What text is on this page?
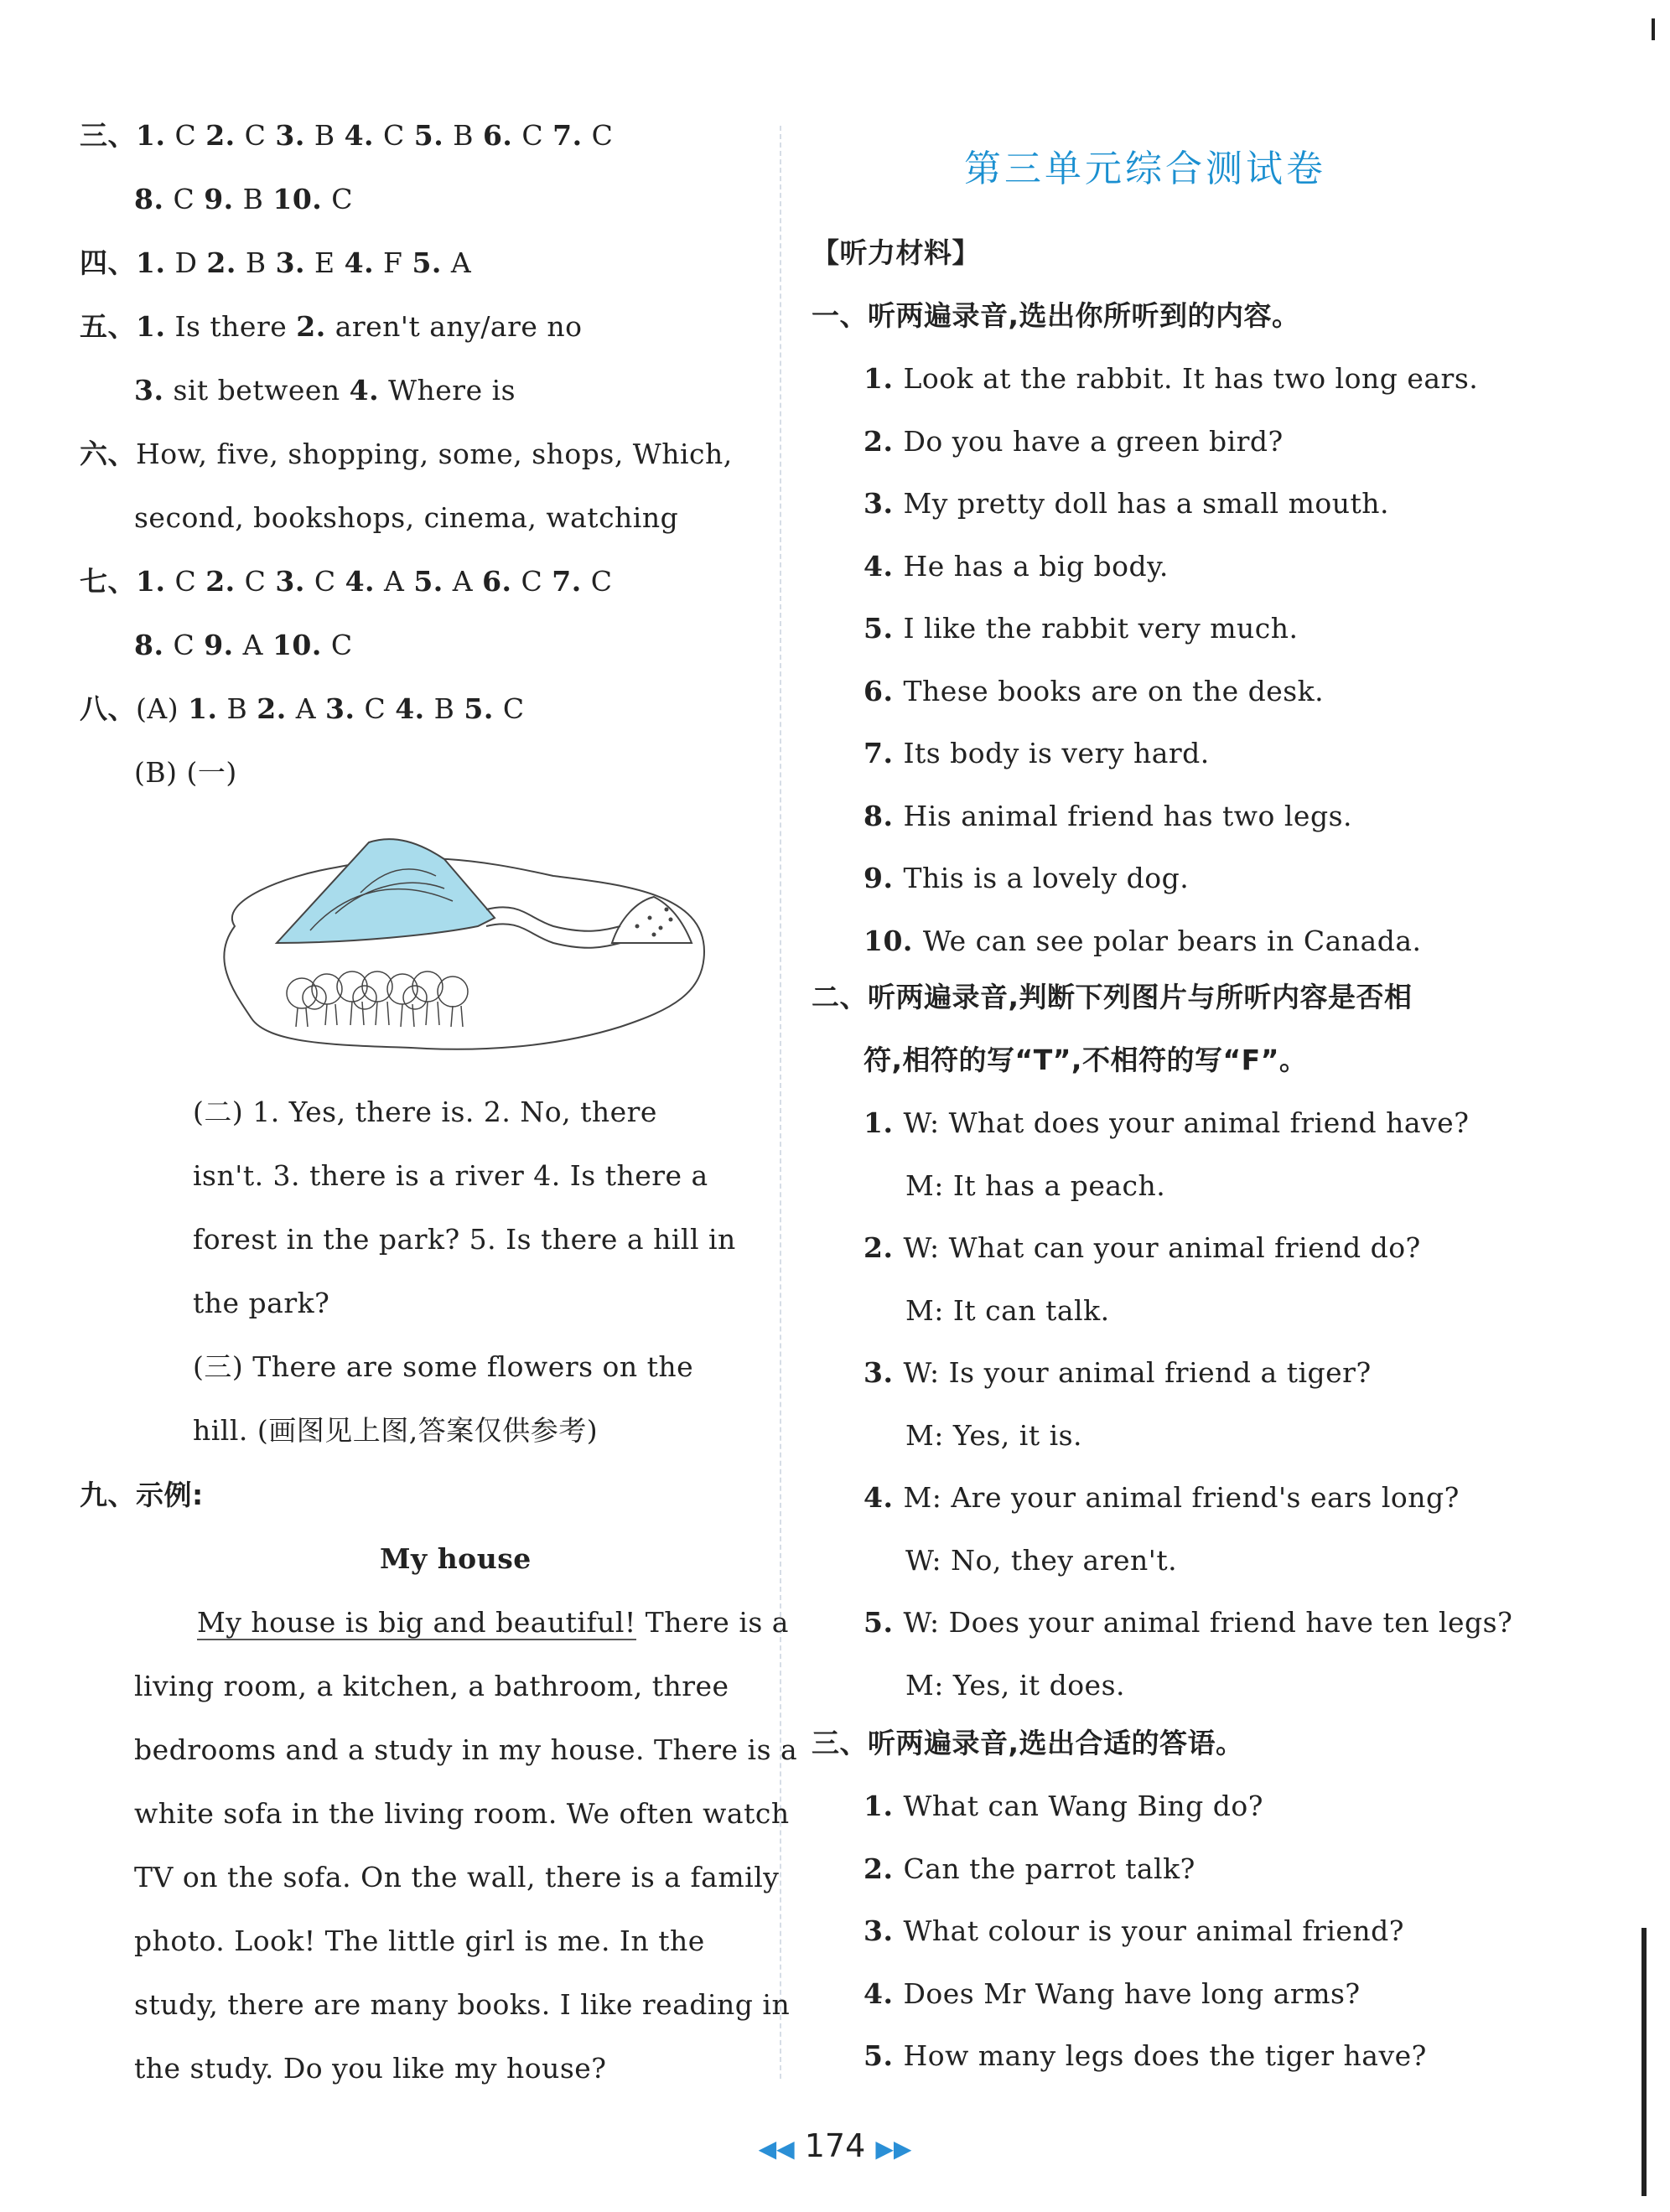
三、1. C 2. C 3. B 4. C 5. B 6. C 7. C
8. C 9. B 10. C
四、1. D 2. B 3. E 4. F 5. A
五、1. Is there 2. aren't any/are no
3. sit between 4. Where is
六、How, five, shopping, some, shops, Which,
second, bookshops, cinema, watching
七、1. C 2. C 3. C 4. A 5. A 6. C 7. C
8. C 9. A 10. C
八、(A) 1. B 2. A 3. C 4. B 5. C
(B) (一)
(二) 1. Yes, there is. 2. No, there
isn't. 3. there is a river 4. Is there a
forest in the park? 5. Is there a hill in
the park?
(三) There are some flowers on the
hill. (画图见上图,答案仅供参考)
九、示例:
My house
My house is big and beautiful! There is a
living room, a kitchen, a bathroom, three
bedrooms and a study in my house. There is a
white sofa in the living room. We often watch
TV on the sofa. On the wall, there is a family
photo. Look! The little girl is me. In the
study, there are many books. I like reading in
the study. Do you like my house?
第三单元综合测试卷
【听力材料】
一、听两遍录音,选出你所听到的内容。
1. Look at the rabbit. It has two long ears.
2. Do you have a green bird?
3. My pretty doll has a small mouth.
4. He has a big body.
5. I like the rabbit very much.
6. These books are on the desk.
7. Its body is very hard.
8. His animal friend has two legs.
9. This is a lovely dog.
10. We can see polar bears in Canada.
二、听两遍录音,判断下列图片与所听内容是否相
符,相符的写“T”,不相符的写“F”。
1. W: What does your animal friend have?
M: It has a peach.
2. W: What can your animal friend do?
M: It can talk.
3. W: Is your animal friend a tiger?
M: Yes, it is.
4. M: Are your animal friend's ears long?
W: No, they aren't.
5. W: Does your animal friend have ten legs?
M: Yes, it does.
三、听两遍录音,选出合适的答语。
1. What can Wang Bing do?
2. Can the parrot talk?
3. What colour is your animal friend?
4. Does Mr Wang have long arms?
5. How many legs does the tiger have?
◀◀ 174 ▶▶
